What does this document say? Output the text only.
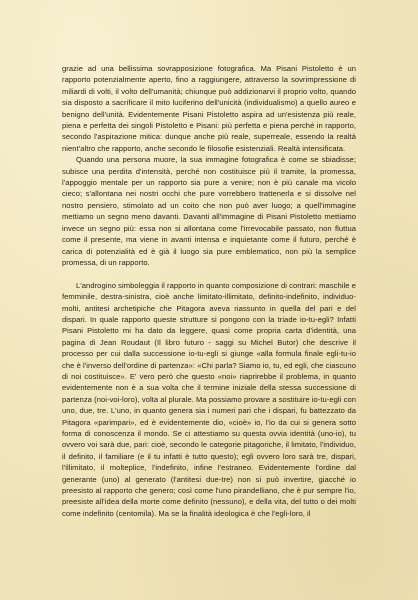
grazie ad una bellissima sovrapposizione fotografica. Ma Pisani Pistoletto è un rapporto potenzialmente aperto, fino a raggiungere, attraverso la sovrimpressione di miliardi di volti, il volto dell'umanità; chiunque può addizionarvi il proprio volto, quando sia disposto a sacrificare il mito luciferino dell'unicità (individualismo) a quello aureo e benigno dell'unità. Evidentemente Pisani Pistoletto aspira ad un'esistenza più reale, piena e perfetta dei singoli Pistoletto e Pisani: più perfetta e piena perché in rapporto, secondo l'aspirazione mitica: dunque anche più reale, superreale, essendo la realtà nient'altro che rapporto, anche secondo le filosofie esistenziali. Realtà intensificata.

Quando una persona muore, la sua immagine fotografica è come se sbiadisse; subisce una perdita d'intensità, perché non costituisce più il tramite, la promessa, l'appoggio mentale per un rapporto sia pure a venire; non è più canale ma vicolo cieco; s'allontana nei nostri occhi che pure vorrebbero trattenerla e si dissolve nel nostro pensiero, stimolato ad un coito che non può aver luogo; a quell'immagine mettiamo un segno meno davanti. Davanti all'immagine di Pisani Pistoletto mettiamo invece un segno più: essa non si allontana come l'irrevocabile passato, non fluttua come il presente, ma viene in avanti intensa e inquietante come il futuro, perché è carica di potenzialità ed è già il luogo sia pure emblematico, non più la semplice promessa, di un rapporto.

L'androgino simboleggia il rapporto in quanto composizione di contrari: maschile e femminile, destra-sinistra, cioè anche limitato-illimitato, definito-indefinito, individuo-molti, antitesi archetipiche che Pitagora aveva riassunto in quella del pari e del dispari. In quale rapporto queste strutture si pongono con la triade io-tu-egli? Infatti Pisani Pistoletto mi ha dato da leggere, quasi come propria carta d'identità, una pagina di Jean Roudaut (Il libro futuro - saggi su Michel Butor) che descrive il processo per cui dalla successione io-tu-egli si giunge «alla formula finale egli-tu-io che è l'inverso dell'ordine di partenza»: «Chi parla? Siamo io, tu, ed egli, che ciascuno di noi costituisce». E' vero però che questo «noi» riaprirebbe il problema, in quanto evidentemente non è a sua volta che il termine iniziale della stessa successione di partenza (noi-voi-loro), volta al plurale. Ma possiamo provare a sostituire io-tu-egli con uno, due, tre. L'uno, in quanto genera sia i numeri pari che i dispari, fu battezzato da Pitagora «parimpari», ed è evidentemente dio, «cioè» io, l'io da cui si genera sotto forma di conoscenza il mondo. Se ci attestiamo su questa ovvia identità (uno-io), tu ovvero voi sarà due, pari: cioè, secondo le categorie pitagoriche, il limitato, l'individuo, il definito, il familiare (e il tu infatti è tutto questo); egli ovvero loro sarà tre, dispari, l'illimitato, il molteplice, l'indefinito, infine l'estraneo. Evidentemente l'ordine dal generante (uno) al generato (l'antitesi due-tre) non si può invertire, giacché io preesisto al rapporto che genero; così come l'uno pirandelliano, che è pur sempre l'io, preesiste all'idea della morte come definito (nessuno), e della vita, del tutto o dei molti come indefinito (centomila). Ma se la finalità ideologica è che l'egli-loro, il
